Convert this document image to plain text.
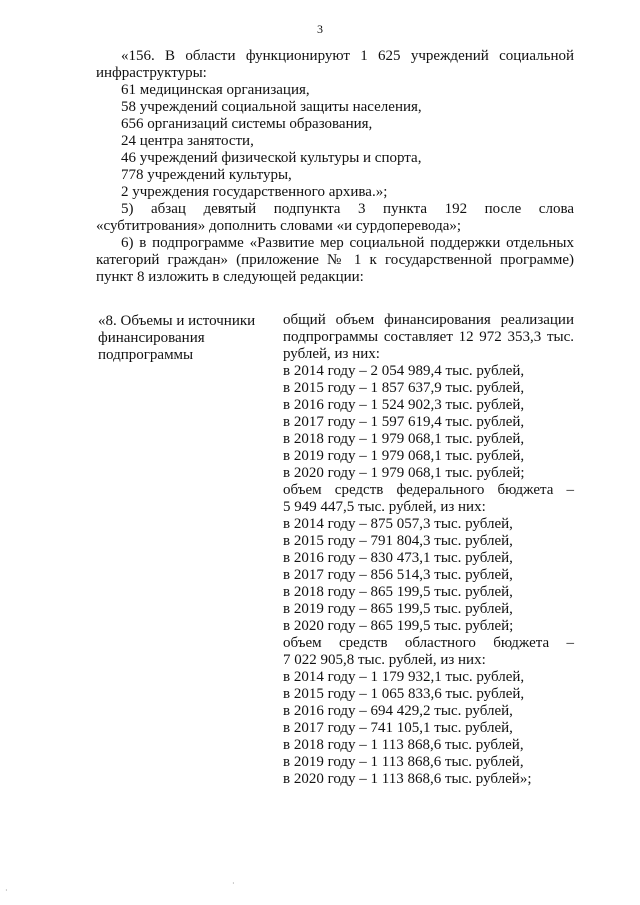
3
«156. В области функционируют 1 625 учреждений социальной
инфраструктуры:
61 медицинская организация,
58 учреждений социальной защиты населения,
656 организаций системы образования,
24 центра занятости,
46 учреждений физической культуры и спорта,
778 учреждений культуры,
2 учреждения государственного архива.»;
5) абзац девятый подпункта 3 пункта 192 после слова
«субтитрования» дополнить словами «и сурдоперевода»;
6) в подпрограмме «Развитие мер социальной поддержки отдельных
категорий граждан» (приложение № 1 к государственной программе)
пункт 8 изложить в следующей редакции:
«8. Объемы и источники
финансирования
подпрограммы
общий объем финансирования реализации
подпрограммы составляет 12 972 353,3 тыс.
рублей, из них:
в 2014 году – 2 054 989,4 тыс. рублей,
в 2015 году – 1 857 637,9 тыс. рублей,
в 2016 году – 1 524 902,3 тыс. рублей,
в 2017 году – 1 597 619,4 тыс. рублей,
в 2018 году – 1 979 068,1 тыс. рублей,
в 2019 году – 1 979 068,1 тыс. рублей,
в 2020 году – 1 979 068,1 тыс. рублей;
объем средств федерального бюджета –
5 949 447,5 тыс. рублей, из них:
в 2014 году – 875 057,3 тыс. рублей,
в 2015 году – 791 804,3 тыс. рублей,
в 2016 году – 830 473,1 тыс. рублей,
в 2017 году – 856 514,3 тыс. рублей,
в 2018 году – 865 199,5 тыс. рублей,
в 2019 году – 865 199,5 тыс. рублей,
в 2020 году – 865 199,5 тыс. рублей;
объем средств областного бюджета –
7 022 905,8 тыс. рублей, из них:
в 2014 году – 1 179 932,1 тыс. рублей,
в 2015 году – 1 065 833,6 тыс. рублей,
в 2016 году – 694 429,2 тыс. рублей,
в 2017 году – 741 105,1 тыс. рублей,
в 2018 году – 1 113 868,6 тыс. рублей,
в 2019 году – 1 113 868,6 тыс. рублей,
в 2020 году – 1 113 868,6 тыс. рублей»;
·
·
